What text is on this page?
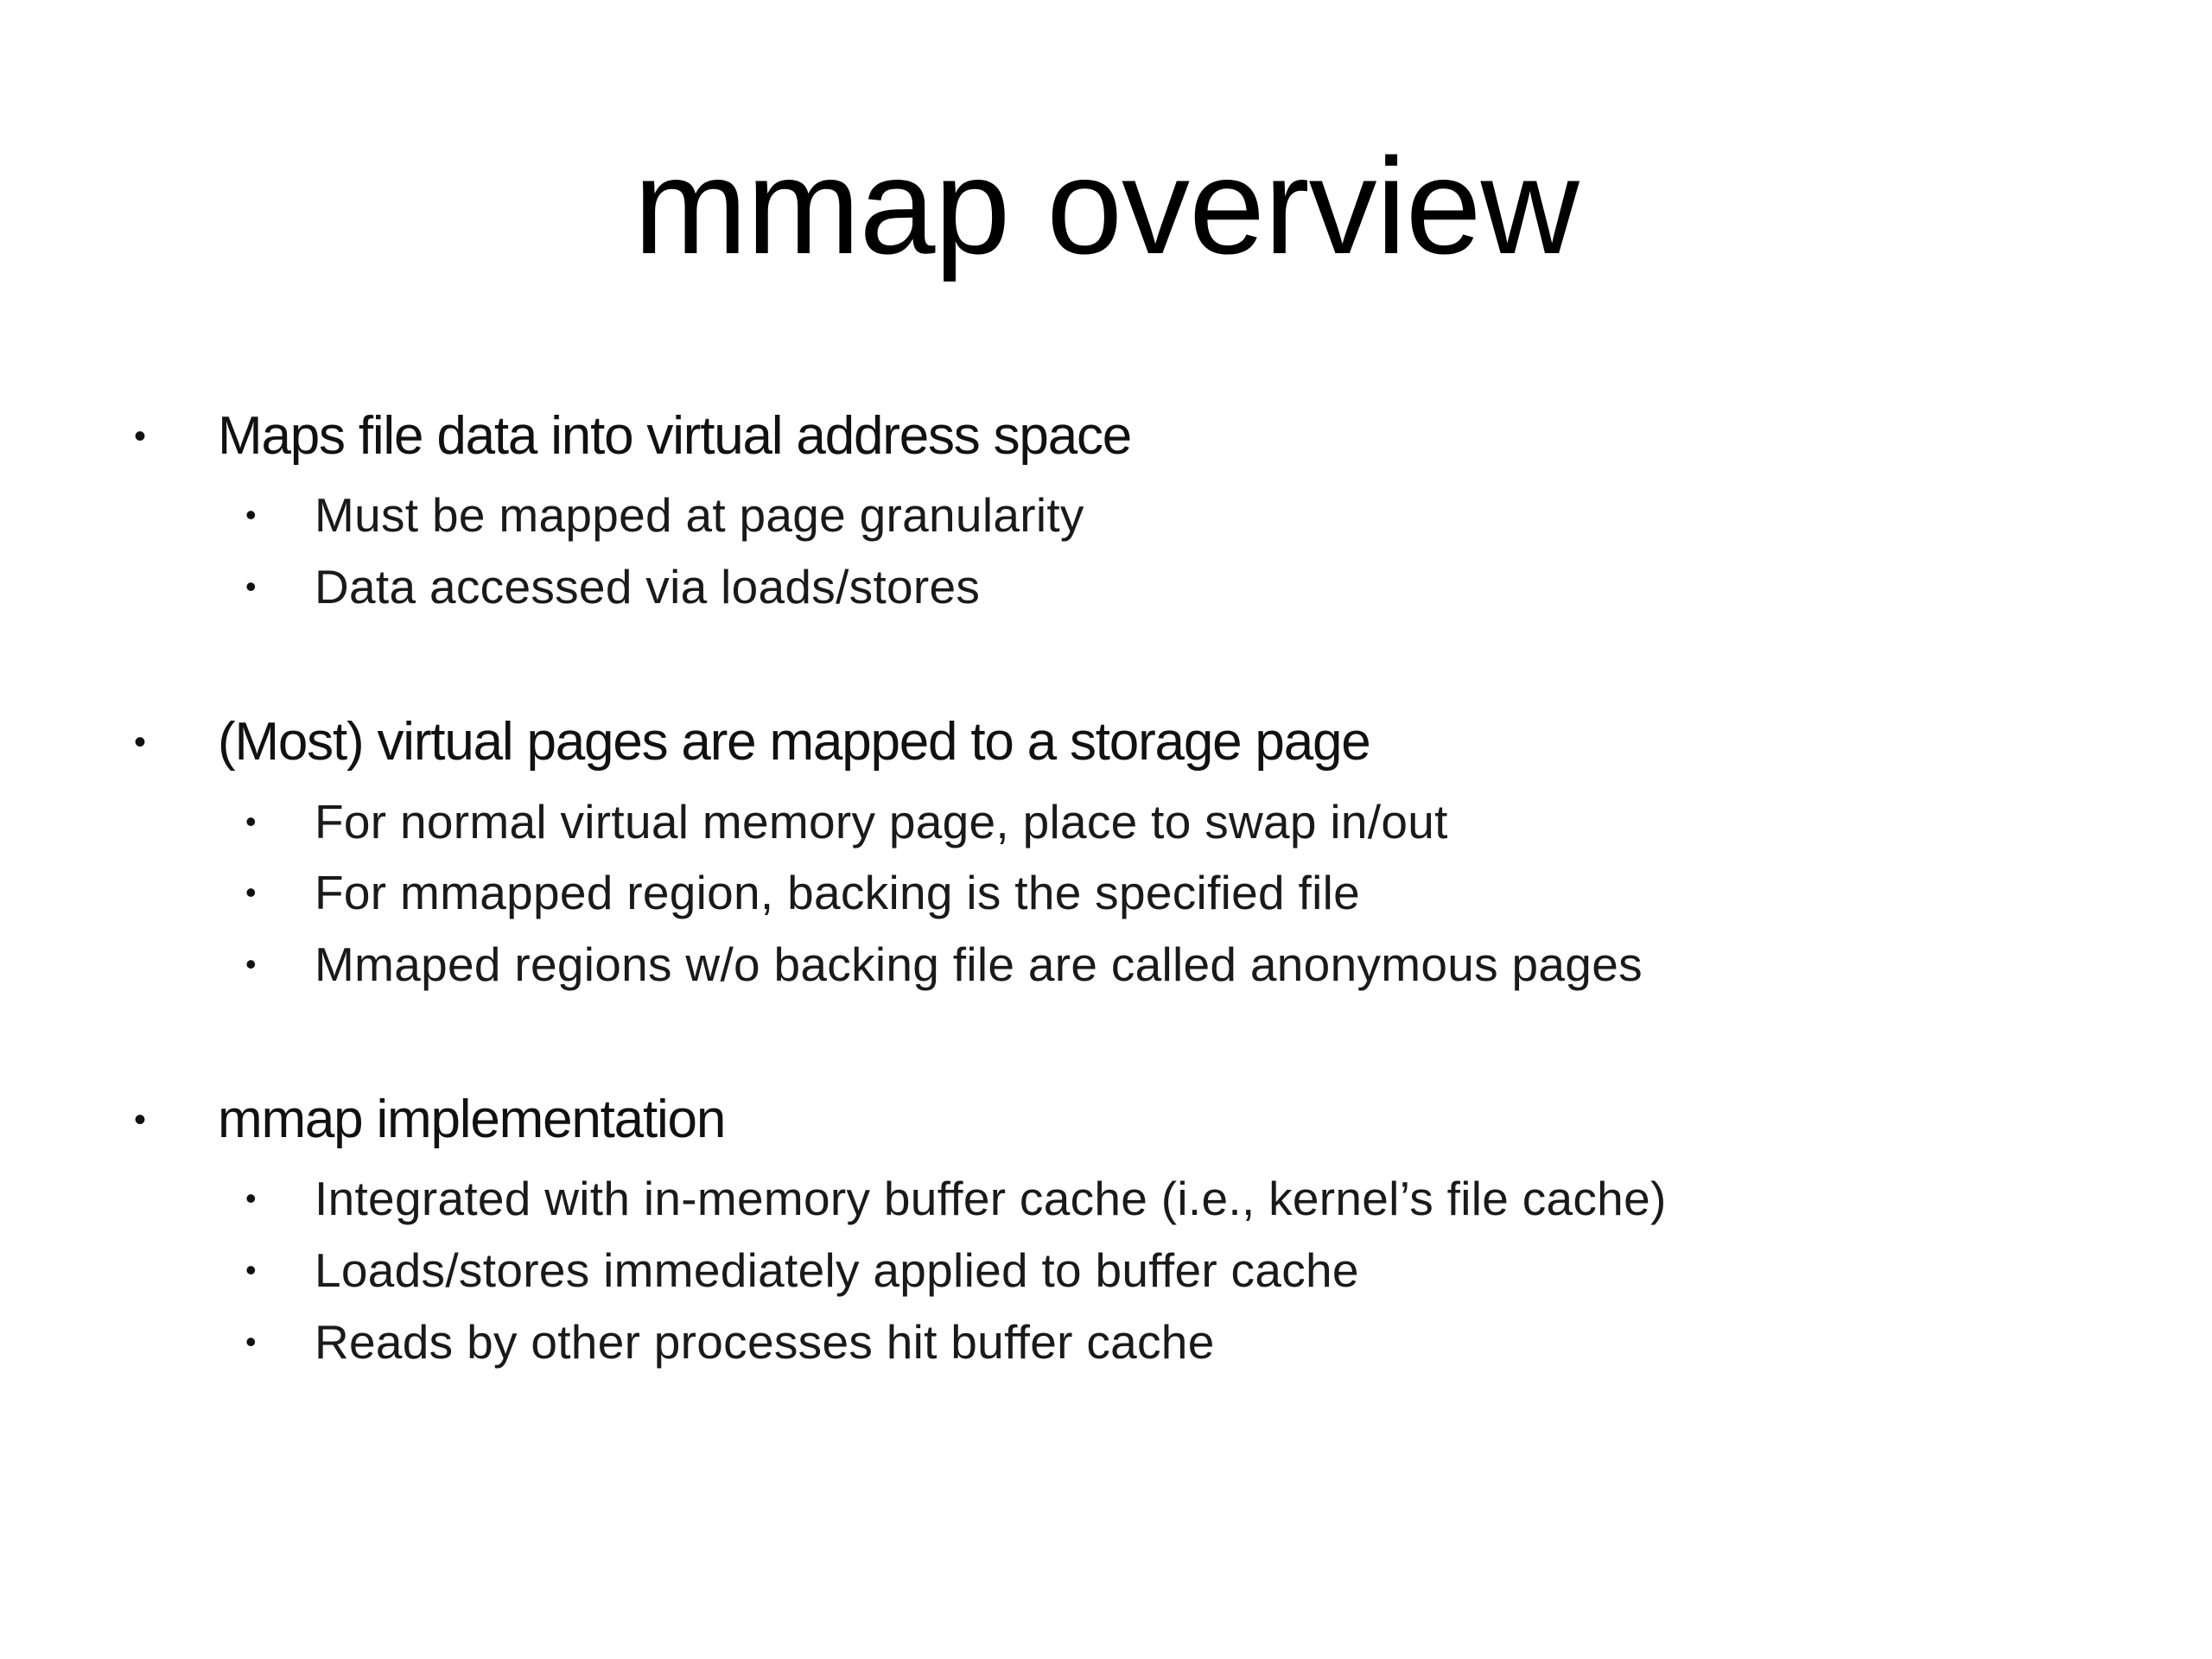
mmap overview
• Maps file data into virtual address space
• Must be mapped at page granularity
• Data accessed via loads/stores
• (Most) virtual pages are mapped to a storage page
• For normal virtual memory page, place to swap in/out
• For mmapped region, backing is the specified file
• Mmaped regions w/o backing file are called anonymous pages
• mmap implementation
• Integrated with in-memory buffer cache (i.e., kernel’s file cache)
• Loads/stores immediately applied to buffer cache
• Reads by other processes hit buffer cache
